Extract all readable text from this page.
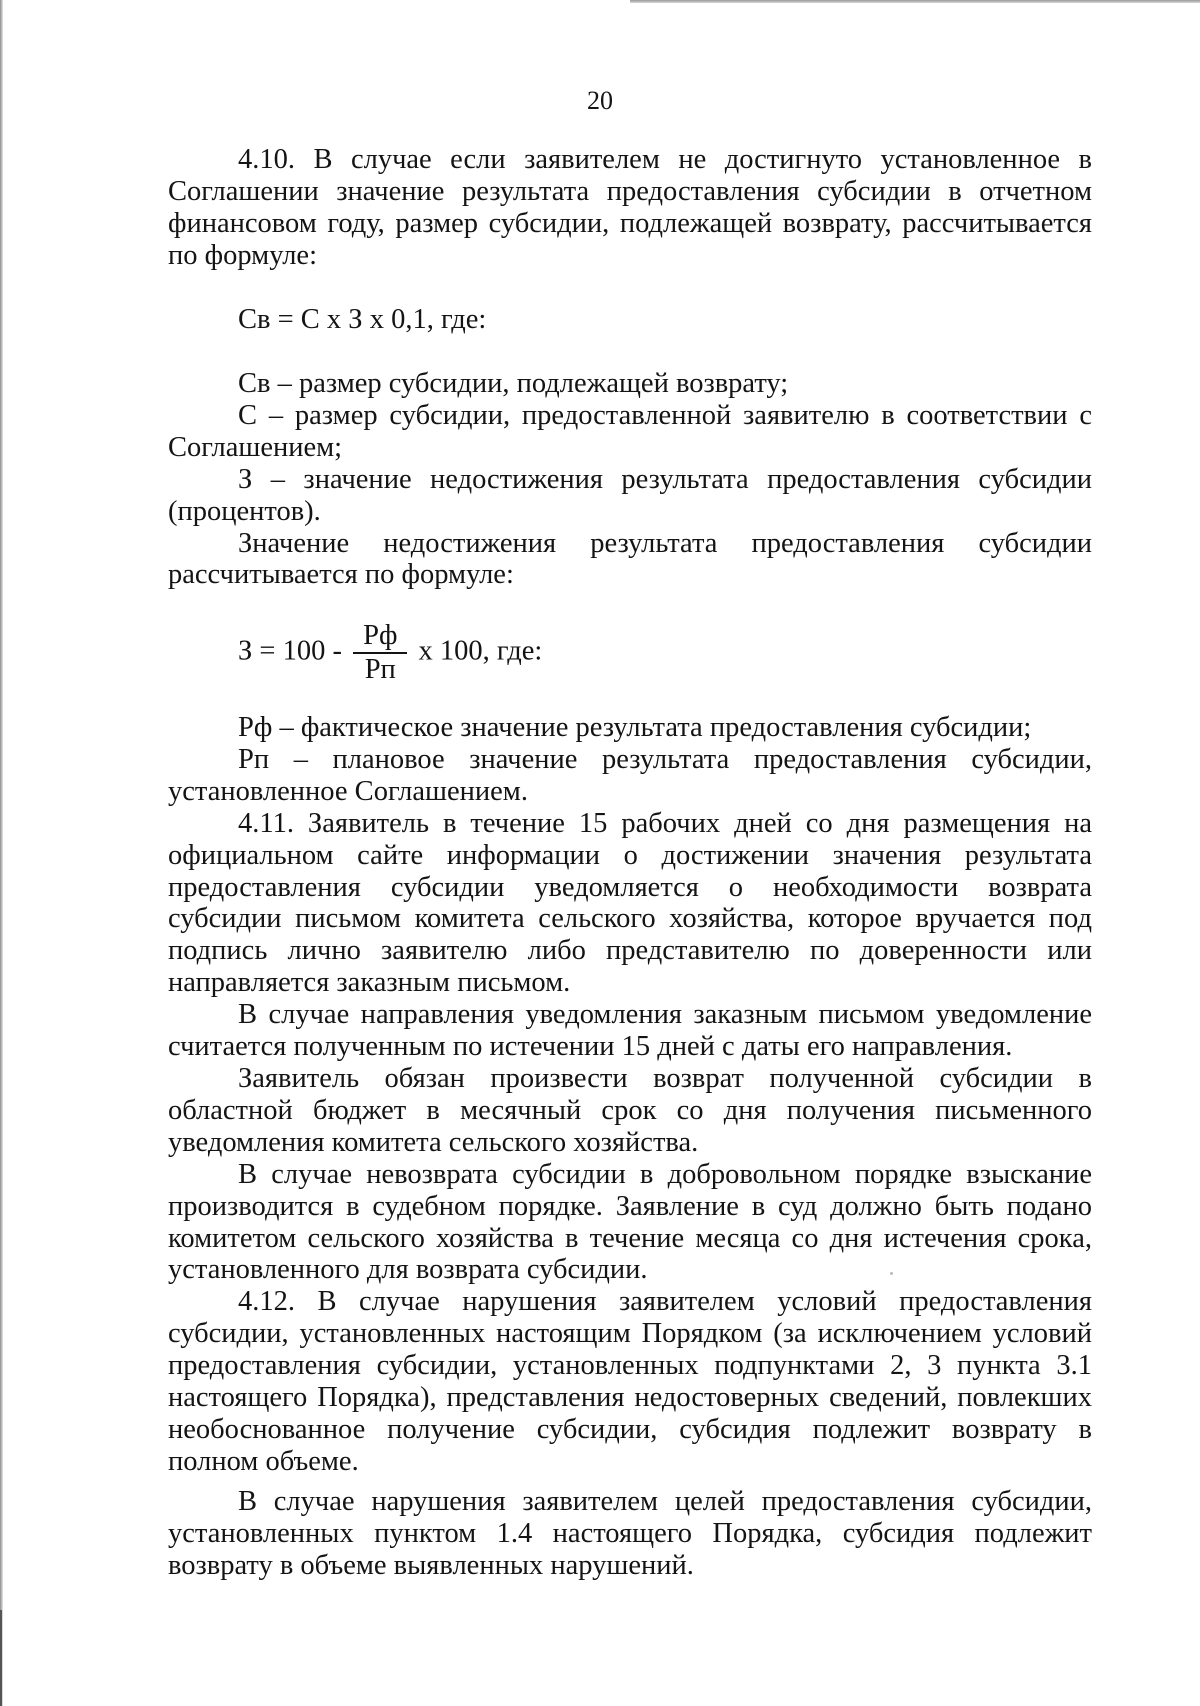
20

4.10. В случае если заявителем не достигнуто установленное в Соглашении значение результата предоставления субсидии в отчетном финансовом году, размер субсидии, подлежащей возврату, рассчитывается по формуле:

Св = С х З х 0,1, где:

Св – размер субсидии, подлежащей возврату;

С – размер субсидии, предоставленной заявителю в соответствии с Соглашением;

З – значение недостижения результата предоставления субсидии (процентов).

Значение недостижения результата предоставления субсидии рассчитывается по формуле:

$З = 100 - \frac{Рф}{Рп}$ х 100, где:

Рф – фактическое значение результата предоставления субсидии;

Рп – плановое значение результата предоставления субсидии, установленное Соглашением.

4.11. Заявитель в течение 15 рабочих дней со дня размещения на официальном сайте информации о достижении значения результата предоставления субсидии уведомляется о необходимости возврата субсидии письмом комитета сельского хозяйства, которое вручается под подпись лично заявителю либо представителю по доверенности или направляется заказным письмом.

В случае направления уведомления заказным письмом уведомление считается полученным по истечении 15 дней с даты его направления.

Заявитель обязан произвести возврат полученной субсидии в областной бюджет в месячный срок со дня получения письменного уведомления комитета сельского хозяйства.

В случае невозврата субсидии в добровольном порядке взыскание производится в судебном порядке. Заявление в суд должно быть подано комитетом сельского хозяйства в течение месяца со дня истечения срока, установленного для возврата субсидии.

4.12. В случае нарушения заявителем условий предоставления субсидии, установленных настоящим Порядком (за исключением условий предоставления субсидии, установленных подпунктами 2, 3 пункта 3.1 настоящего Порядка), представления недостоверных сведений, повлекших необоснованное получение субсидии, субсидия подлежит возврату в полном объеме.

В случае нарушения заявителем целей предоставления субсидии, установленных пунктом 1.4 настоящего Порядка, субсидия подлежит возврату в объеме выявленных нарушений.
